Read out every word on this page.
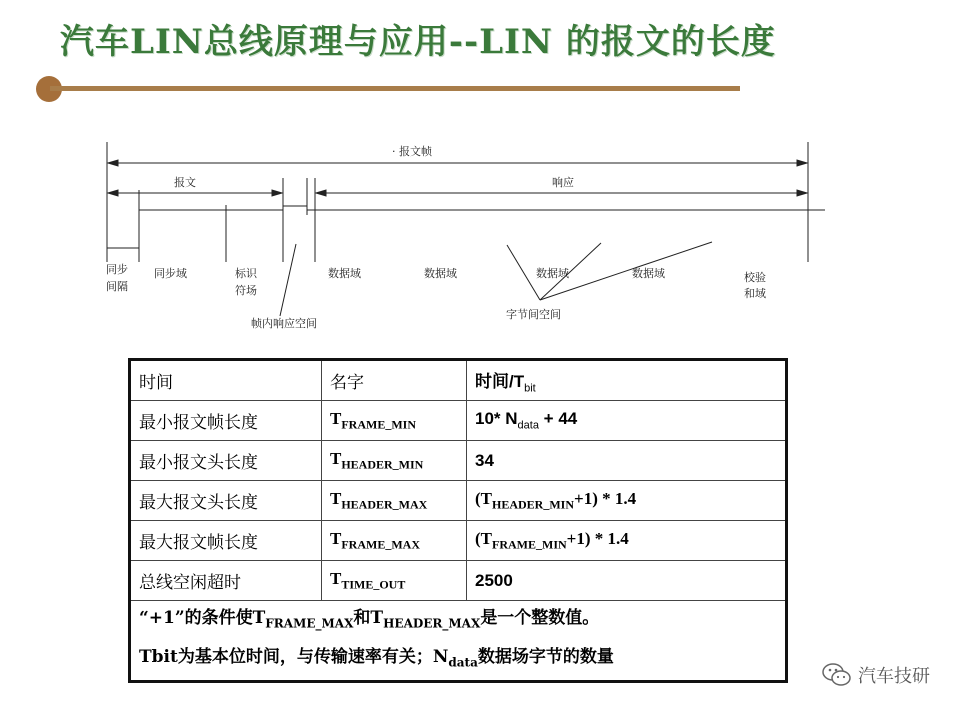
汽车LIN总线原理与应用--LIN 的报文的长度
· 报文帧
报文	响应
同步
间隔
同步域	标识
符场
帧内响应空间
数据域	数据域	数据域	数据域
字节间空间
校验
和域
时间	名字	时间$/T_{bit}$
最小报文帧长度	$T_{FRAME\_MIN}$	10* $N_{data} + 44$
最小报文头长度	$T_{HEADER\_MIN}$	34
最大报文头长度	$T_{HEADER\_MAX}$	$(T_{HEADER\_MIN}+1) * 1.4$
最大报文帧长度	$T_{FRAME\_MAX}$	$(T_{FRAME\_MIN}+1) * 1.4$
总线空闲超时	$T_{TIME\_OUT}$	2500

“+1”的条件使$T_{FRAME\_MAX}$和$T_{HEADER\_MAX}$是一个整数值。
Tbit为基本位时间，与传输速率有关；$N_{data}$数据场字节的数量		
汽车技研
